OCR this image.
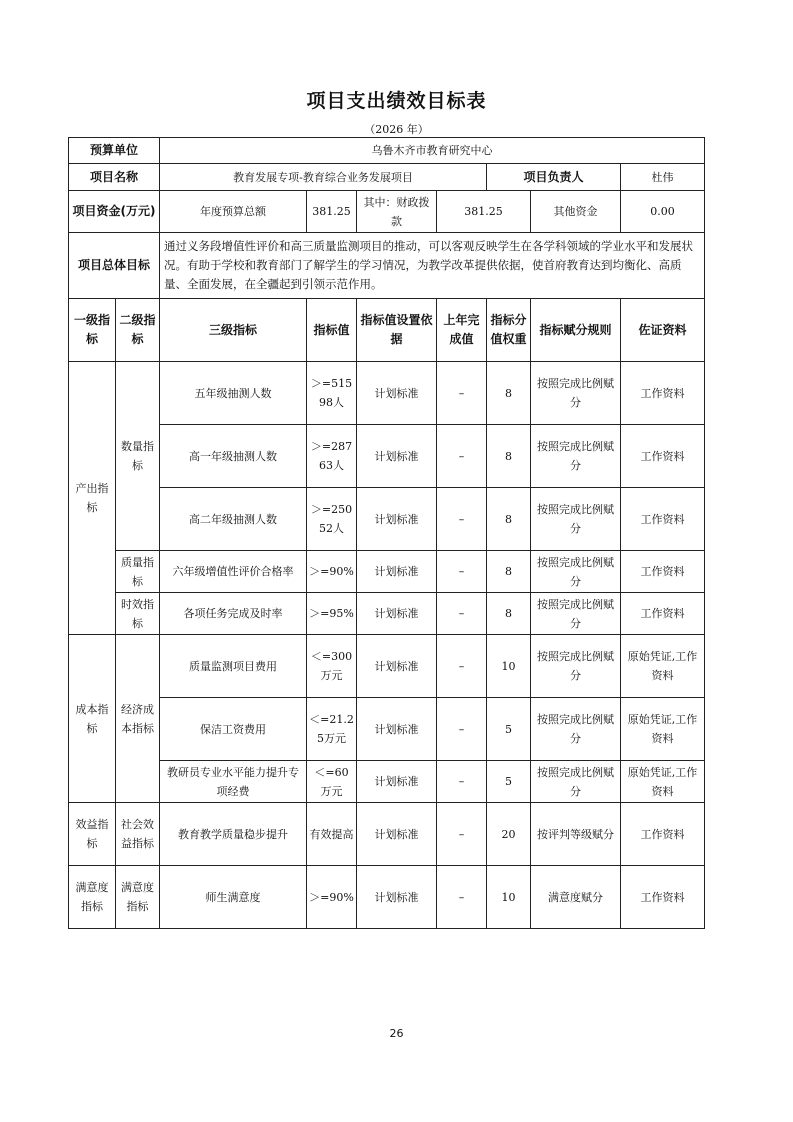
项目支出绩效目标表
（2026 年）
预算单位		乌鲁木齐市教育研究中心						
项目名称		教育发展专项-教育综合业务发展项目				项目负责人		杜伟
项目资金(万元)		年度预算总额	381.25	其中：财政拨款	381.25		其他资金	0.00
项目总体目标		通过义务段增值性评价和高三质量监测项目的推动，可以客观反映学生在各学科领域的学业水平和发展状况。有助于学校和教育部门了解学生的学习情况，为教学改革提供依据，使首府教育达到均衡化、高质量、全面发展，在全疆起到引领示范作用。						
一级指标	二级指标	三级指标	指标值	指标值设置依据	上年完成值	指标分值权重	指标赋分规则	佐证资料
产出指标	数量指标	五年级抽测人数	＞=51598人	计划标准	–	8	按照完成比例赋分	工作资料
		高一年级抽测人数	＞=28763人	计划标准	–	8	按照完成比例赋分	工作资料
		高二年级抽测人数	＞=25052人	计划标准	–	8	按照完成比例赋分	工作资料
	质量指标	六年级增值性评价合格率	＞=90%	计划标准	–	8	按照完成比例赋分	工作资料
	时效指标	各项任务完成及时率	＞=95%	计划标准	–	8	按照完成比例赋分	工作资料
成本指标	经济成本指标	质量监测项目费用	＜=300万元	计划标准	–	10	按照完成比例赋分	原始凭证,工作资料
		保洁工资费用	＜=21.25万元	计划标准	–	5	按照完成比例赋分	原始凭证,工作资料
		教研员专业水平能力提升专项经费	＜=60万元	计划标准	–	5	按照完成比例赋分	原始凭证,工作资料
效益指标	社会效益指标	教育教学质量稳步提升	有效提高	计划标准	–	20	按评判等级赋分	工作资料
满意度指标	满意度指标	师生满意度	＞=90%	计划标准	–	10	满意度赋分	工作资料
26
